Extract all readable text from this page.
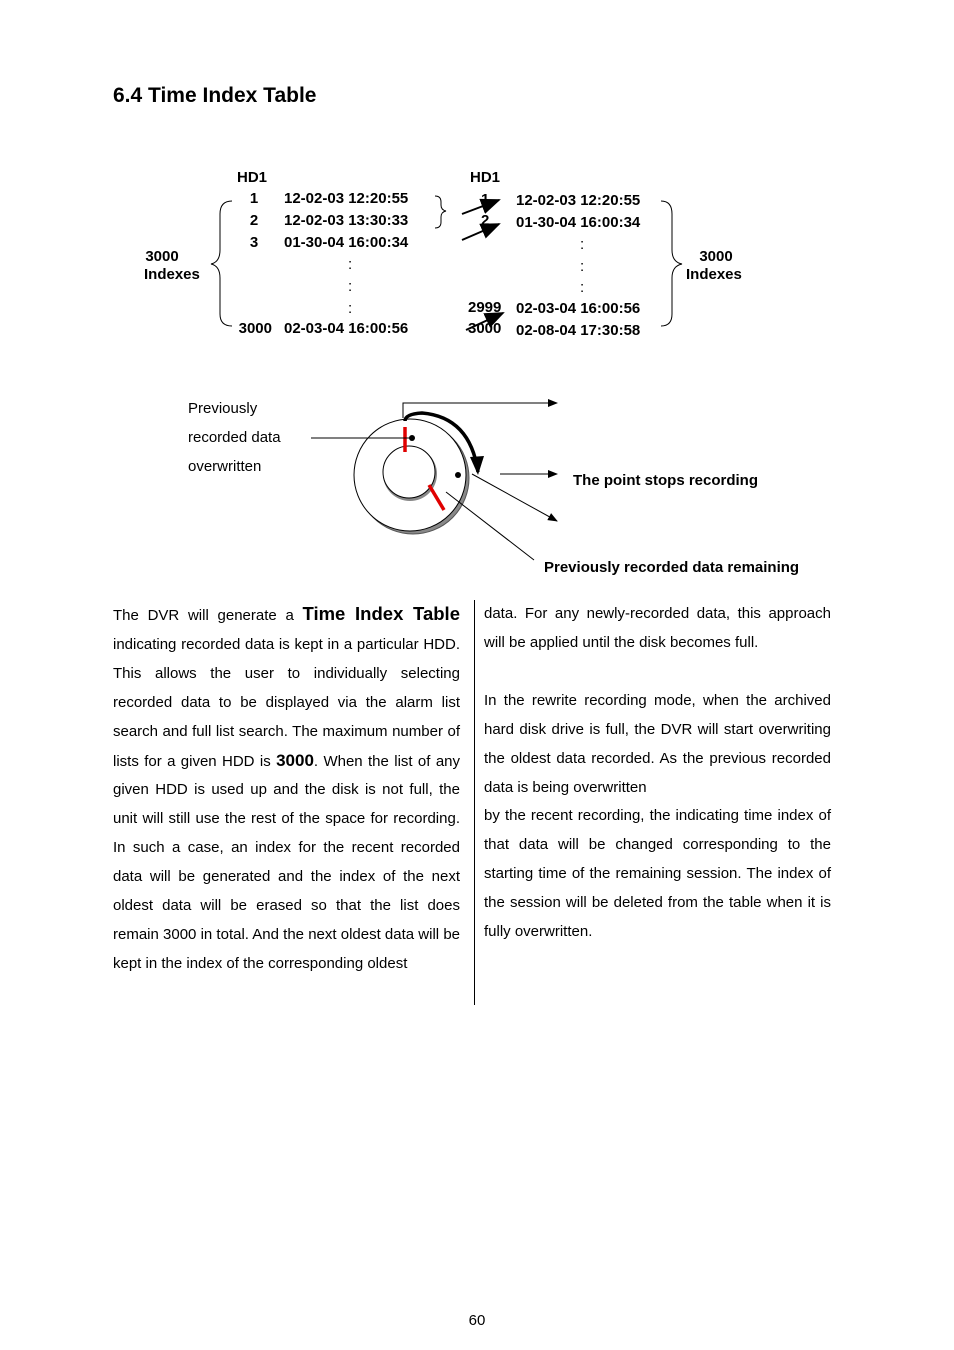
6.4 Time Index Table
HD1
1	12-02-03 12:20:55
2	12-02-03 13:30:33
3	01-30-04 16:00:34
:
:
:
3000 02-03-04 16:00:56
3000
Indexes
HD1
1 12-02-03 12:20:55
2 01-30-04 16:00:34
:
:
:
2999 02-03-04 16:00:56
3000 02-08-04 17:30:58
3000
Indexes
Previously
recorded data
overwritten
The point stops recording
Previously recorded data remaining

The DVR will generate a Time Index Table indicating recorded data is kept in a particular HDD. This allows the user to individually selecting recorded data to be displayed via the alarm list search and full list search. The maximum number of lists for a given HDD is 3000. When the list of any given HDD is used up and the disk is not full, the unit will still use the rest of the space for recording. In such a case, an index for the recent recorded data will be generated and the index of the next oldest data will be erased so that the list does remain 3000 in total. And the next oldest data will be kept in the index of the corresponding oldest

data. For any newly-recorded data, this approach will be applied until the disk becomes full.

In the rewrite recording mode, when the archived hard disk drive is full, the DVR will start overwriting the oldest data recorded. As the previous recorded data is being overwritten

by the recent recording, the indicating time index of that data will be changed corresponding to the starting time of the remaining session. The index of the session will be deleted from the table when it is fully overwritten.

60
